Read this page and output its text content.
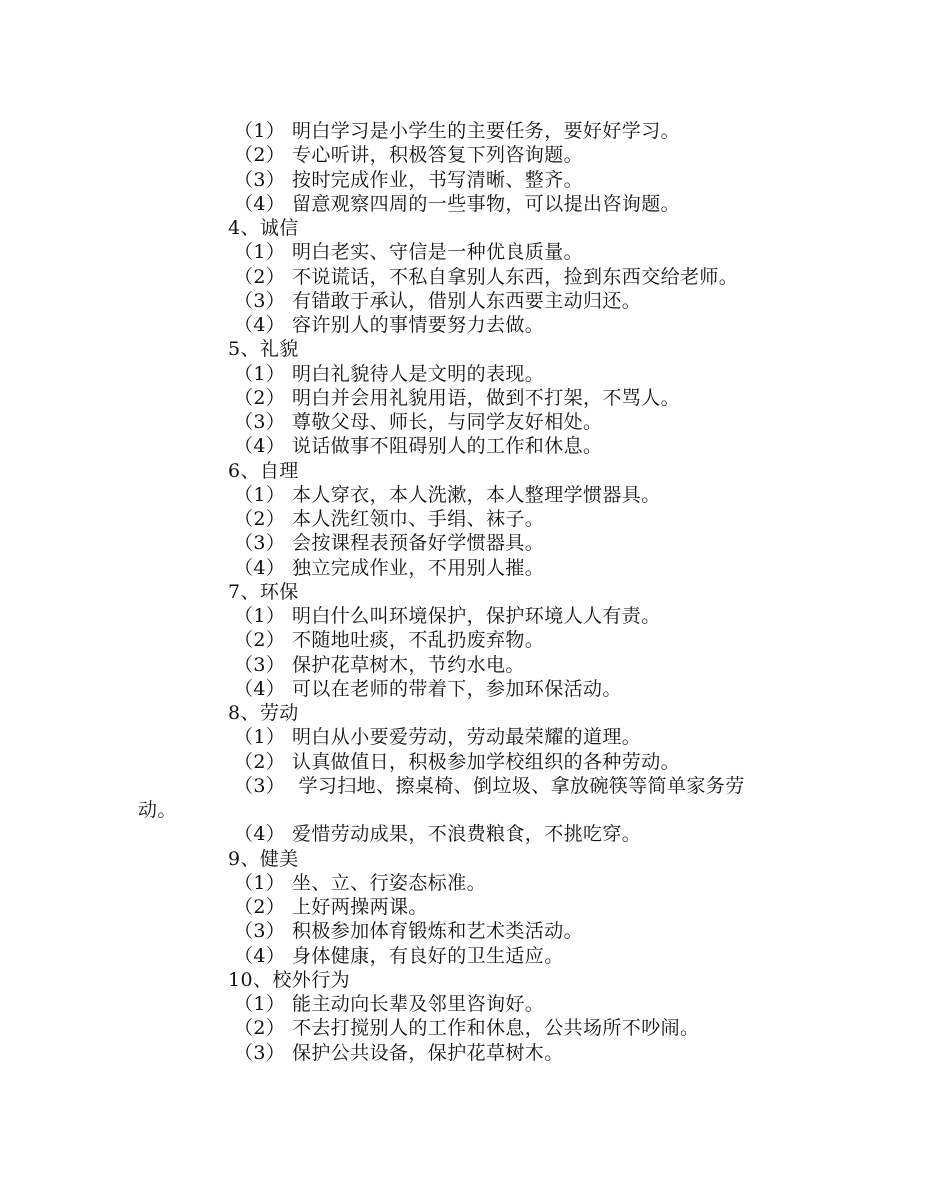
（1） 明白学习是小学生的主要任务，要好好学习。
（2） 专心听讲，积极答复下列咨询题。
（3） 按时完成作业，书写清晰、整齐。
（4） 留意观察四周的一些事物，可以提出咨询题。
4、诚信
（1） 明白老实、守信是一种优良质量。
（2） 不说谎话，不私自拿别人东西，捡到东西交给老师。
（3） 有错敢于承认，借别人东西要主动归还。
（4） 容许别人的事情要努力去做。
5、礼貌
（1） 明白礼貌待人是文明的表现。
（2） 明白并会用礼貌用语，做到不打架，不骂人。
（3） 尊敬父母、师长，与同学友好相处。
（4） 说话做事不阻碍别人的工作和休息。
6、自理
（1） 本人穿衣，本人洗漱，本人整理学惯器具。
（2） 本人洗红领巾、手绢、袜子。
（3） 会按课程表预备好学惯器具。
（4） 独立完成作业，不用别人摧。
7、环保
（1） 明白什么叫环境保护，保护环境人人有责。
（2） 不随地吐痰，不乱扔废弃物。
（3） 保护花草树木，节约水电。
（4） 可以在老师的带着下，参加环保活动。
8、劳动
（1） 明白从小要爱劳动，劳动最荣耀的道理。
（2） 认真做值日，积极参加学校组织的各种劳动。
（3） 学习扫地、擦桌椅、倒垃圾、拿放碗筷等简单家务劳
动。
（4） 爱惜劳动成果，不浪费粮食，不挑吃穿。
9、健美
（1） 坐、立、行姿态标准。
（2） 上好两操两课。
（3） 积极参加体育锻炼和艺术类活动。
（4） 身体健康，有良好的卫生适应。
10、校外行为
（1） 能主动向长辈及邻里咨询好。
（2） 不去打搅别人的工作和休息，公共场所不吵闹。
（3） 保护公共设备，保护花草树木。
